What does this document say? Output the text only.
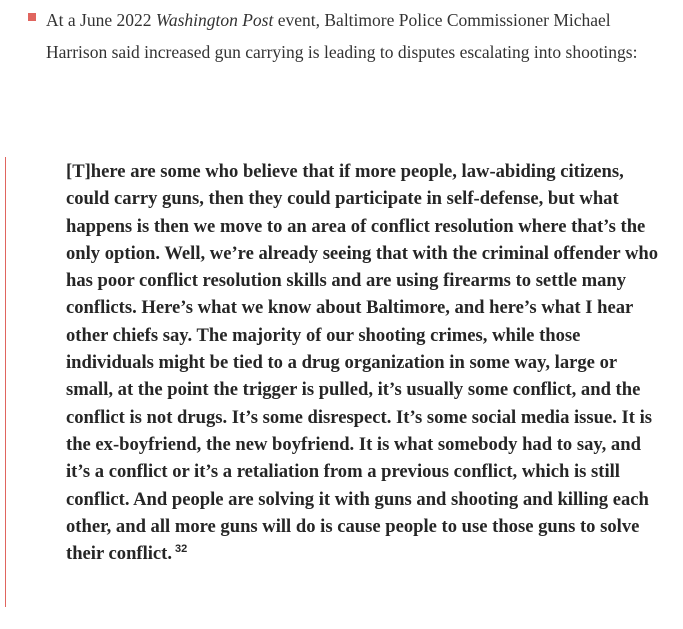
At a June 2022 Washington Post event, Baltimore Police Commissioner Michael Harrison said increased gun carrying is leading to disputes escalating into shootings:
[T]here are some who believe that if more people, law-abiding citizens, could carry guns, then they could participate in self-defense, but what happens is then we move to an area of conflict resolution where that’s the only option. Well, we’re already seeing that with the criminal offender who has poor conflict resolution skills and are using firearms to settle many conflicts. Here’s what we know about Baltimore, and here’s what I hear other chiefs say. The majority of our shooting crimes, while those individuals might be tied to a drug organization in some way, large or small, at the point the trigger is pulled, it’s usually some conflict, and the conflict is not drugs. It’s some disrespect. It’s some social media issue. It is the ex-boyfriend, the new boyfriend. It is what somebody had to say, and it’s a conflict or it’s a retaliation from a previous conflict, which is still conflict. And people are solving it with guns and shooting and killing each other, and all more guns will do is cause people to use those guns to solve their conflict. $^{32}$
